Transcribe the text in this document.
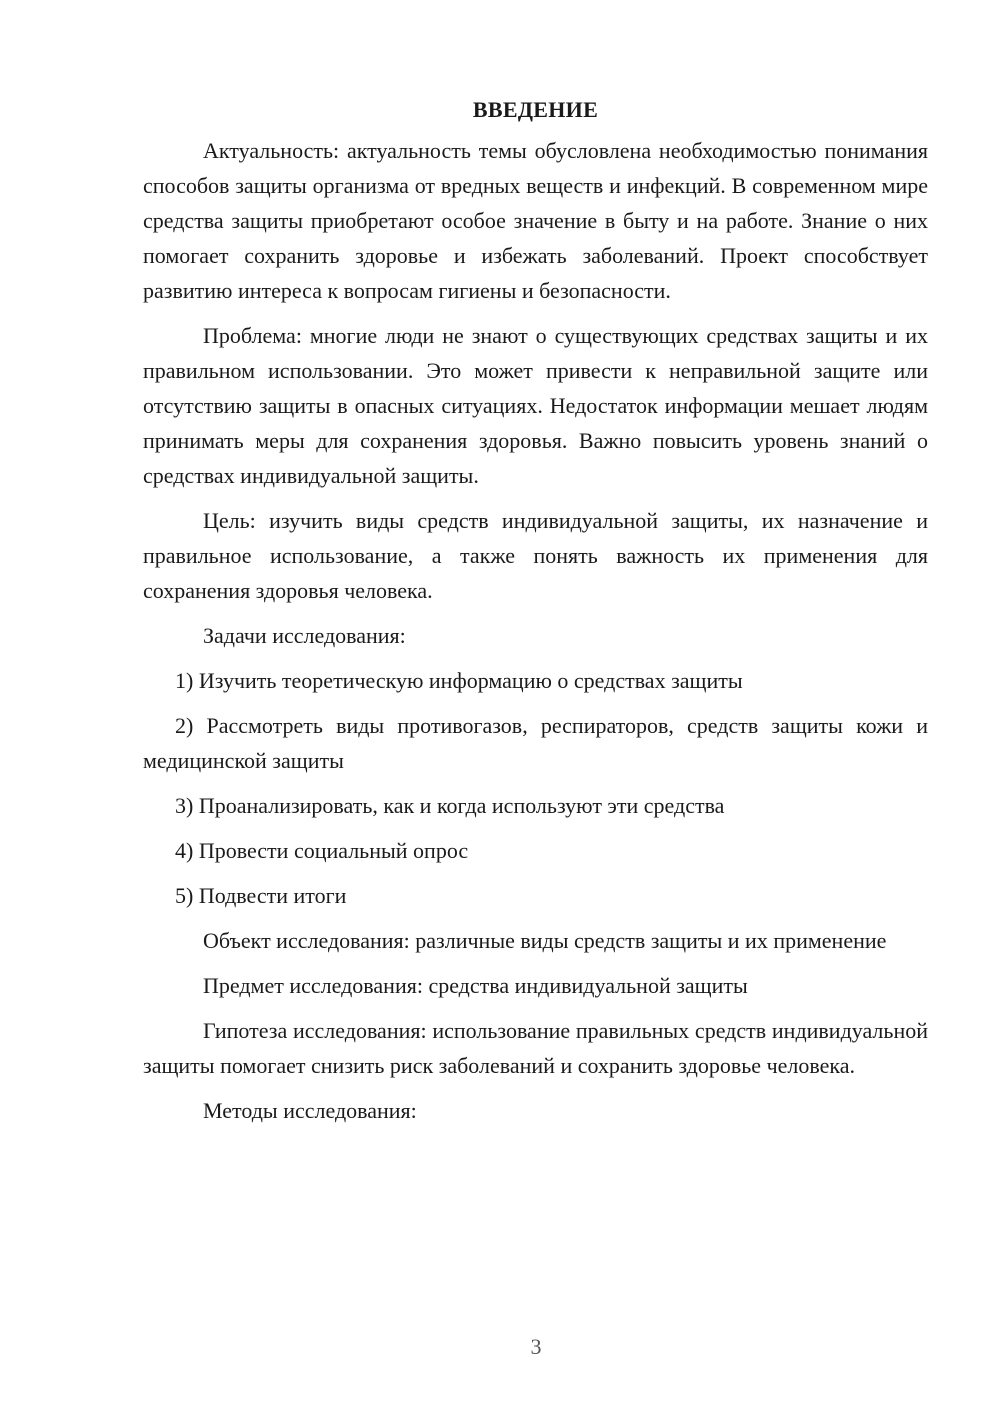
ВВЕДЕНИЕ

Актуальность: актуальность темы обусловлена необходимостью понимания способов защиты организма от вредных веществ и инфекций. В современном мире средства защиты приобретают особое значение в быту и на работе. Знание о них помогает сохранить здоровье и избежать заболеваний. Проект способствует развитию интереса к вопросам гигиены и безопасности.

Проблема: многие люди не знают о существующих средствах защиты и их правильном использовании. Это может привести к неправильной защите или отсутствию защиты в опасных ситуациях. Недостаток информации мешает людям принимать меры для сохранения здоровья. Важно повысить уровень знаний о средствах индивидуальной защиты.

Цель: изучить виды средств индивидуальной защиты, их назначение и правильное использование, а также понять важность их применения для сохранения здоровья человека.

Задачи исследования:

1) Изучить теоретическую информацию о средствах защиты

2) Рассмотреть виды противогазов, респираторов, средств защиты кожи и медицинской защиты

3) Проанализировать, как и когда используют эти средства

4) Провести социальный опрос

5) Подвести итоги

Объект исследования: различные виды средств защиты и их применение

Предмет исследования: средства индивидуальной защиты

Гипотеза исследования: использование правильных средств индивидуальной защиты помогает снизить риск заболеваний и сохранить здоровье человека.

Методы исследования:

3
